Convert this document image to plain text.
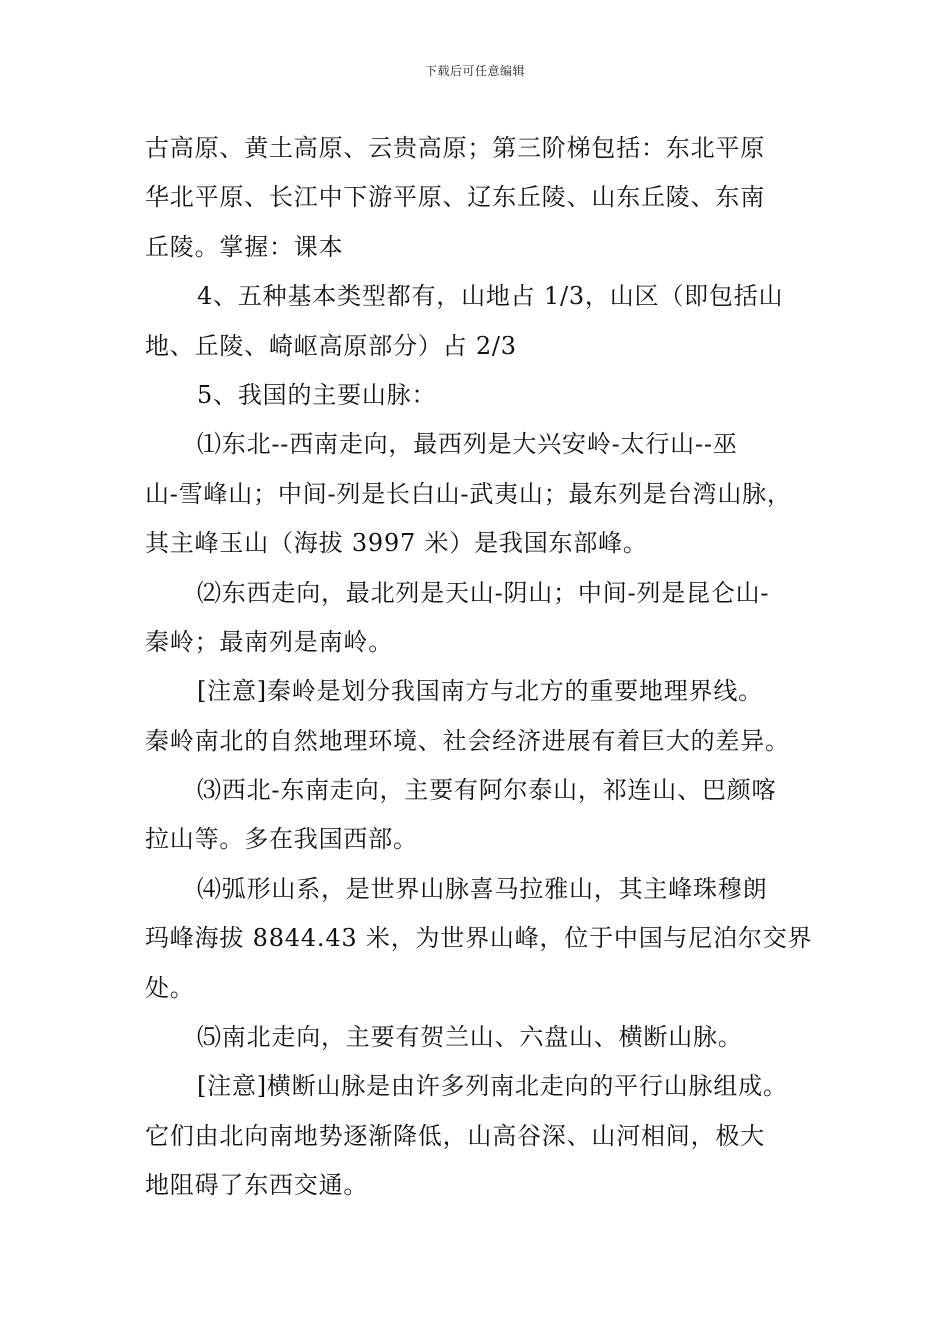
下载后可任意编辑
古高原、黄土高原、云贵高原；第三阶梯包括：东北平原
华北平原、长江中下游平原、辽东丘陵、山东丘陵、东南
丘陵。掌握：课本
4、五种基本类型都有，山地占 1/3，山区（即包括山
地、丘陵、崎岖高原部分）占 2/3
5、我国的主要山脉：
⑴东北--西南走向，最西列是大兴安岭-太行山--巫
山-雪峰山；中间-列是长白山-武夷山；最东列是台湾山脉，
其主峰玉山（海拔 3997 米）是我国东部峰。
⑵东西走向，最北列是天山-阴山；中间-列是昆仑山-
秦岭；最南列是南岭。
[注意]秦岭是划分我国南方与北方的重要地理界线。
秦岭南北的自然地理环境、社会经济进展有着巨大的差异。
⑶西北-东南走向，主要有阿尔泰山，祁连山、巴颜喀
拉山等。多在我国西部。
⑷弧形山系，是世界山脉喜马拉雅山，其主峰珠穆朗
玛峰海拔 8844.43 米，为世界山峰，位于中国与尼泊尔交界
处。
⑸南北走向，主要有贺兰山、六盘山、横断山脉。
[注意]横断山脉是由许多列南北走向的平行山脉组成。
它们由北向南地势逐渐降低，山高谷深、山河相间，极大
地阻碍了东西交通。
